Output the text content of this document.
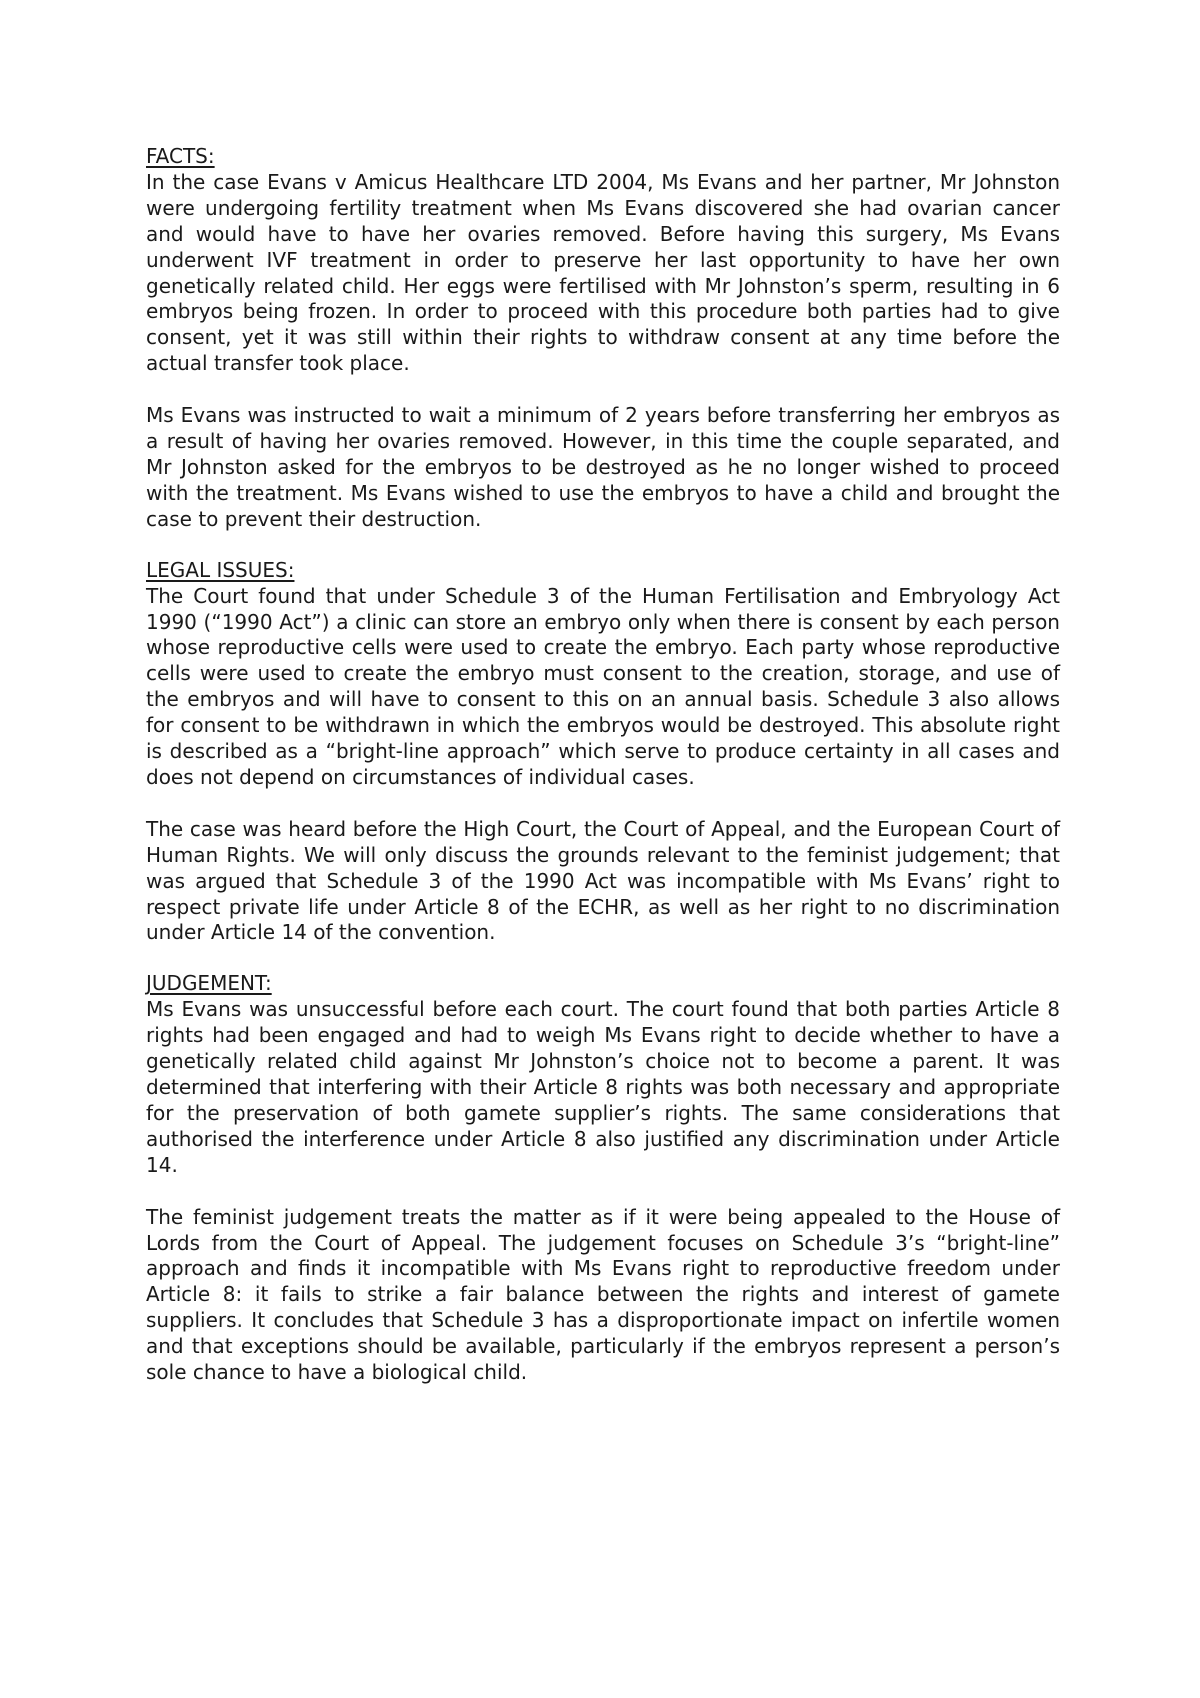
FACTS:

In the case Evans v Amicus Healthcare LTD 2004, Ms Evans and her partner, Mr Johnston were undergoing fertility treatment when Ms Evans discovered she had ovarian cancer and would have to have her ovaries removed. Before having this surgery, Ms Evans underwent IVF treatment in order to preserve her last opportunity to have her own genetically related child. Her eggs were fertilised with Mr Johnston’s sperm, resulting in 6 embryos being frozen. In order to proceed with this procedure both parties had to give consent, yet it was still within their rights to withdraw consent at any time before the actual transfer took place.

Ms Evans was instructed to wait a minimum of 2 years before transferring her embryos as a result of having her ovaries removed. However, in this time the couple separated, and Mr Johnston asked for the embryos to be destroyed as he no longer wished to proceed with the treatment. Ms Evans wished to use the embryos to have a child and brought the case to prevent their destruction.

LEGAL ISSUES:

The Court found that under Schedule 3 of the Human Fertilisation and Embryology Act 1990 (“1990 Act”) a clinic can store an embryo only when there is consent by each person whose reproductive cells were used to create the embryo. Each party whose reproductive cells were used to create the embryo must consent to the creation, storage, and use of the embryos and will have to consent to this on an annual basis. Schedule 3 also allows for consent to be withdrawn in which the embryos would be destroyed. This absolute right is described as a “bright-line approach” which serve to produce certainty in all cases and does not depend on circumstances of individual cases.

The case was heard before the High Court, the Court of Appeal, and the European Court of Human Rights. We will only discuss the grounds relevant to the feminist judgement; that was argued that Schedule 3 of the 1990 Act was incompatible with Ms Evans’ right to respect private life under Article 8 of the ECHR, as well as her right to no discrimination under Article 14 of the convention.

JUDGEMENT:

Ms Evans was unsuccessful before each court. The court found that both parties Article 8 rights had been engaged and had to weigh Ms Evans right to decide whether to have a genetically related child against Mr Johnston’s choice not to become a parent. It was determined that interfering with their Article 8 rights was both necessary and appropriate for the preservation of both gamete supplier’s rights. The same considerations that authorised the interference under Article 8 also justified any discrimination under Article 14.

The feminist judgement treats the matter as if it were being appealed to the House of Lords from the Court of Appeal. The judgement focuses on Schedule 3’s “bright-line” approach and finds it incompatible with Ms Evans right to reproductive freedom under Article 8: it fails to strike a fair balance between the rights and interest of gamete suppliers. It concludes that Schedule 3 has a disproportionate impact on infertile women and that exceptions should be available, particularly if the embryos represent a person’s sole chance to have a biological child.
